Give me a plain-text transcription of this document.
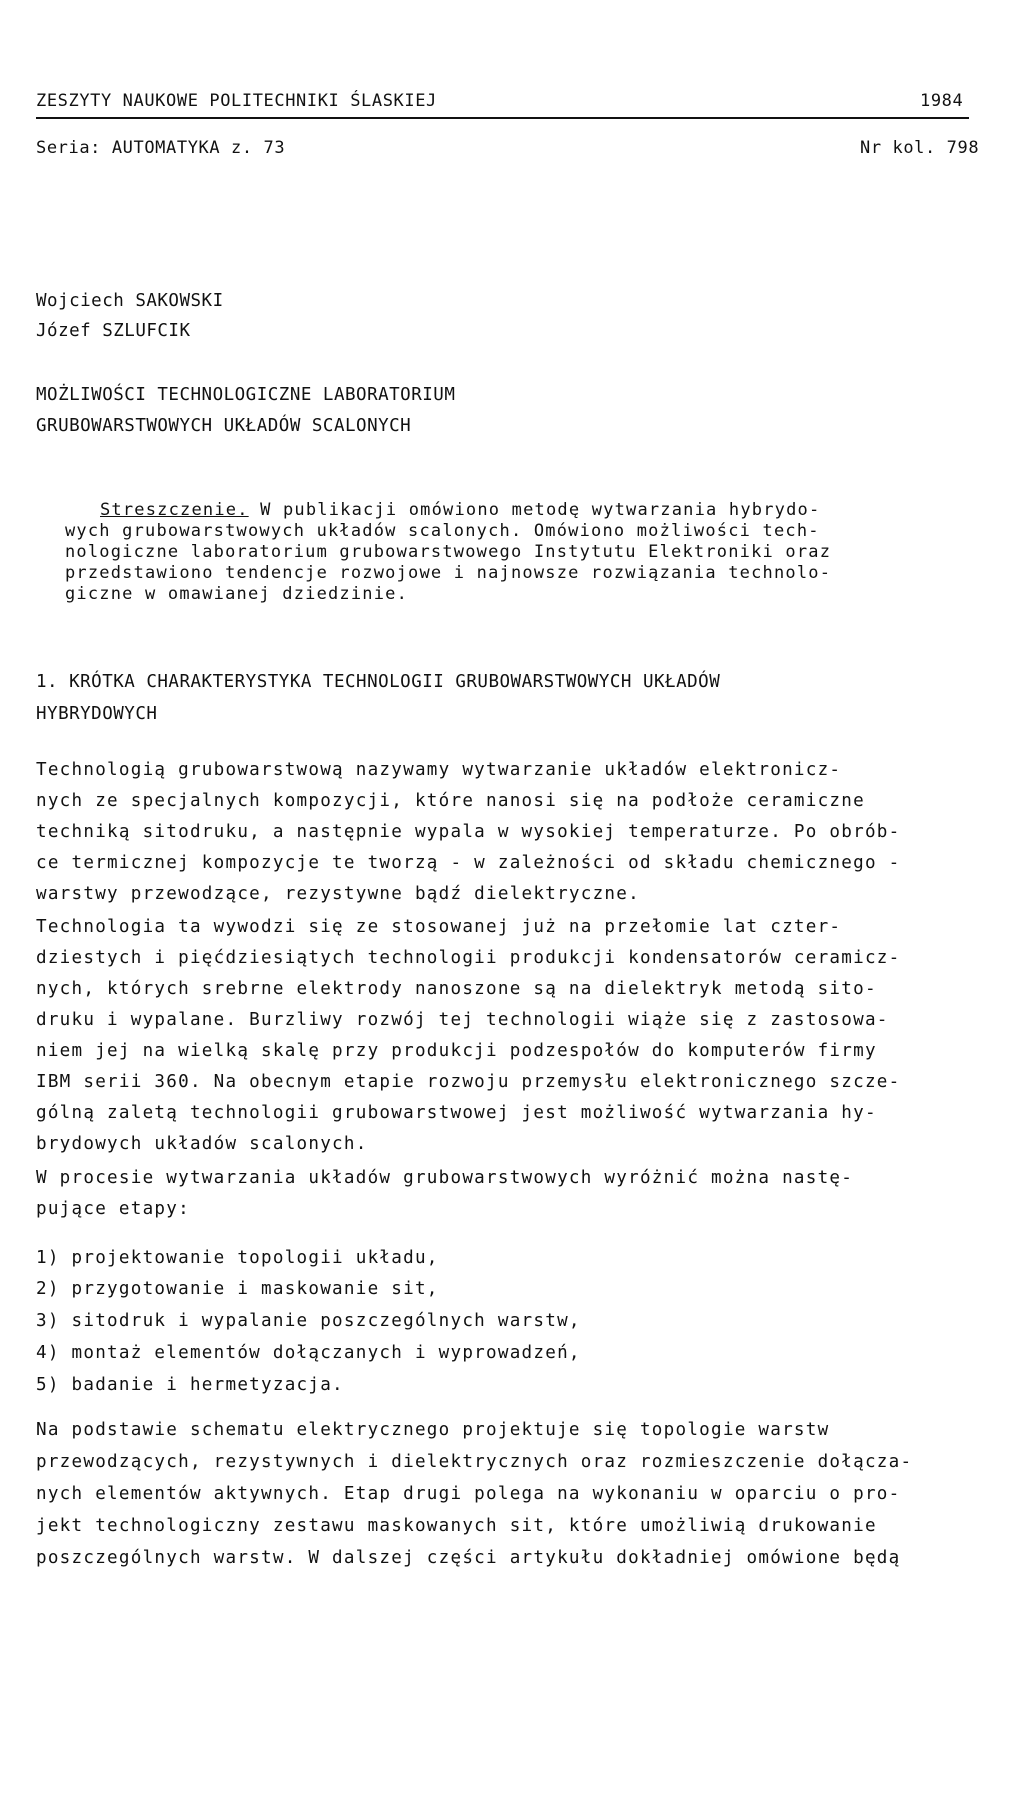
ZESZYTY NAUKOWE POLITECHNIKI ŚLASKIEJ	1984
Seria: AUTOMATYKA z. 73	Nr kol. 798
Wojciech SAKOWSKI
Józef SZLUFCIK
MOŻLIWOŚCI TECHNOLOGICZNE LABORATORIUM
GRUBOWARSTWOWYCH UKŁADÓW SCALONYCH

Streszczenie. W publikacji omówiono metodę wytwarzania hybrydo-

wych grubowarstwowych układów scalonych. Omówiono możliwości tech-

nologiczne laboratorium grubowarstwowego Instytutu Elektroniki oraz

przedstawiono tendencje rozwojowe i najnowsze rozwiązania technolo-

giczne w omawianej dziedzinie.

1. KRÓTKA CHARAKTERYSTYKA TECHNOLOGII GRUBOWARSTWOWYCH UKŁADÓW
HYBRYDOWYCH
Technologią grubowarstwową nazywamy wytwarzanie układów elektronicz-
nych ze specjalnych kompozycji, które nanosi się na podłoże ceramiczne
techniką sitodruku, a następnie wypala w wysokiej temperaturze. Po obrób-
ce termicznej kompozycje te tworzą - w zależności od składu chemicznego -
warstwy przewodzące, rezystywne bądź dielektryczne.
Technologia ta wywodzi się ze stosowanej już na przełomie lat czter-
dziestych i pięćdziesiątych technologii produkcji kondensatorów ceramicz-
nych, których srebrne elektrody nanoszone są na dielektryk metodą sito-
druku i wypalane. Burzliwy rozwój tej technologii wiąże się z zastosowa-
niem jej na wielką skalę przy produkcji podzespołów do komputerów firmy
IBM serii 360. Na obecnym etapie rozwoju przemysłu elektronicznego szcze-
gólną zaletą technologii grubowarstwowej jest możliwość wytwarzania hy-
brydowych układów scalonych.
W procesie wytwarzania układów grubowarstwowych wyróżnić można nastę-
pujące etapy:
1) projektowanie topologii układu,
2) przygotowanie i maskowanie sit,
3) sitodruk i wypalanie poszczególnych warstw,
4) montaż elementów dołączanych i wyprowadzeń,
5) badanie i hermetyzacja.
Na podstawie schematu elektrycznego projektuje się topologie warstw
przewodzących, rezystywnych i dielektrycznych oraz rozmieszczenie dołącza-
nych elementów aktywnych. Etap drugi polega na wykonaniu w oparciu o pro-
jekt technologiczny zestawu maskowanych sit, które umożliwią drukowanie
poszczególnych warstw. W dalszej części artykułu dokładniej omówione będą
